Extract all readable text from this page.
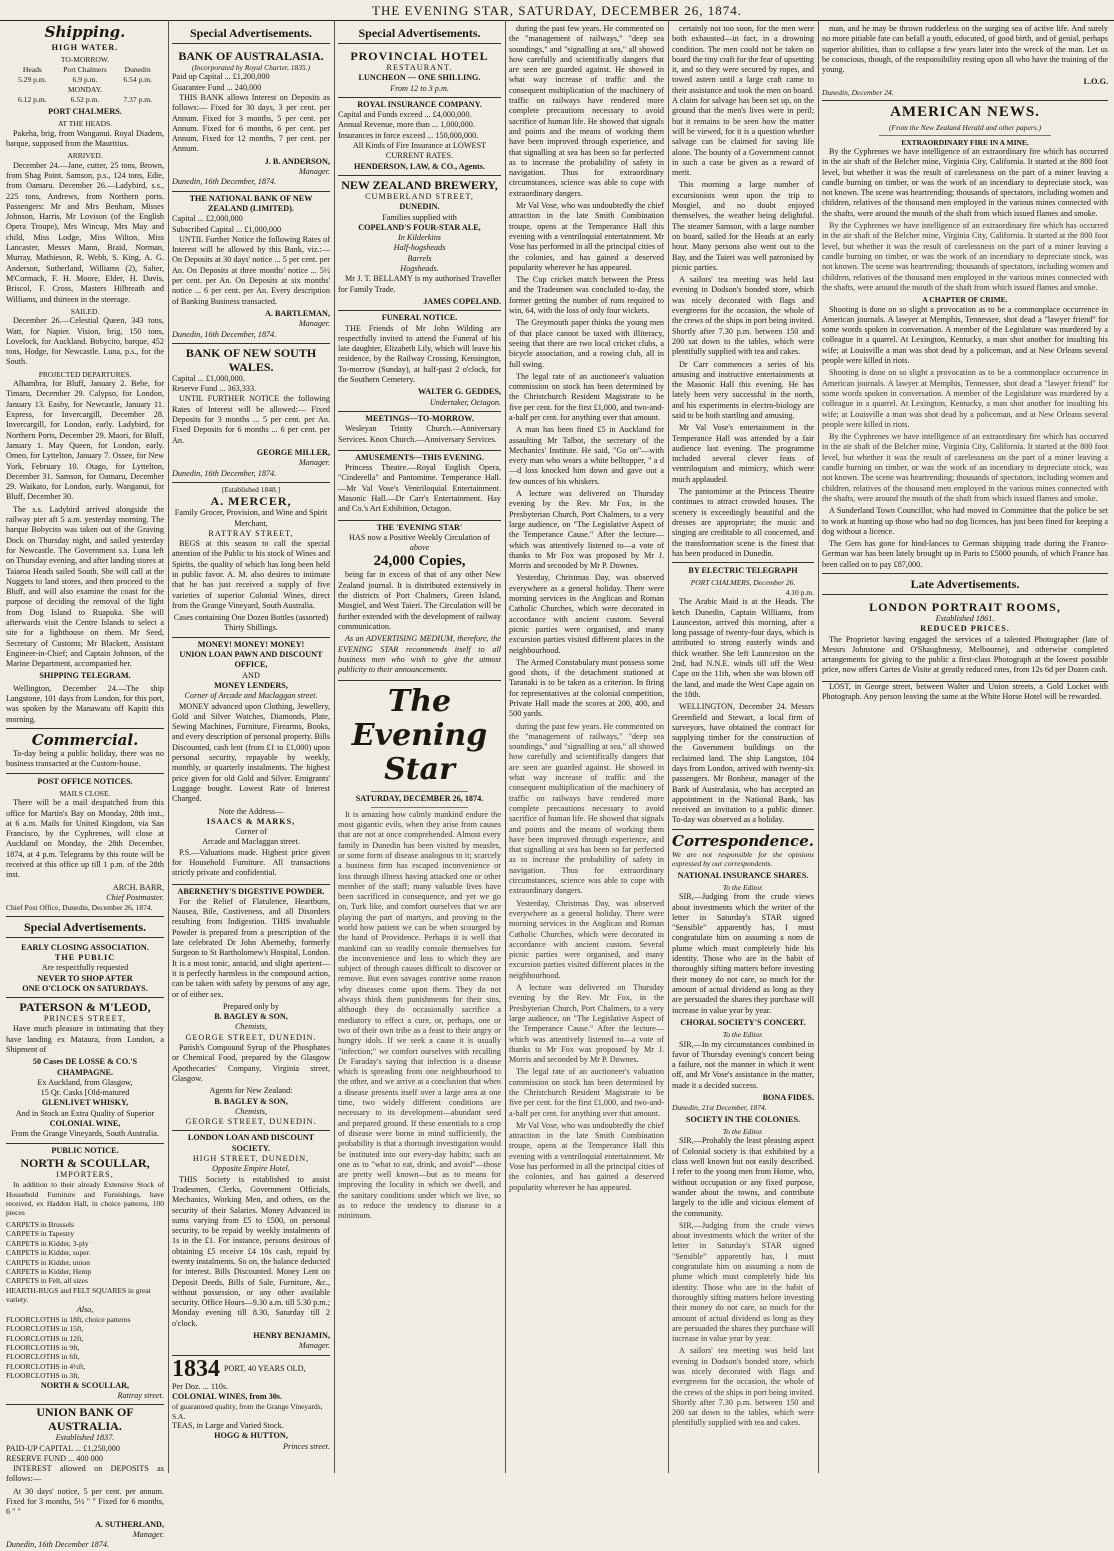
THE EVENING STAR, SATURDAY, DECEMBER 26, 1874.
Shipping.
HIGH WATER.
TO-MORROW.
Heads	Port Chalmers	Dunedin
5.29 p.m.	6.9 p.m.	6.54 p.m.
MONDAY.
6.12 p.m.	6.52 p.m.	7.37 p.m.
PORT CHALMERS.
AT THE HEADS.

Pakeha, brig, from Wanganui. Royal Diadem, barque, supposed from the Mauritius.

ARRIVED.

December 24.—Jane, cutter, 25 tons, Brown, from Shag Point. Samson, p.s., 124 tons, Edie, from Oamaru. December 26.—Ladybird, s.s., 225 tons, Andrews, from Northern ports. Passengers: Mr and Mrs Benham, Misses Johnson, Harris, Mr Lovison (of the English Opera Troupe), Mrs Wincup, Mrs May and child, Miss Lodge, Miss Wilton, Miss Lancaster, Messrs Mann, Braid, Norman, Murray, Mathieson, R. Webb, S. King, A. G. Anderson, Sutherland, Williams (2), Salter, M'Cormack, F. H. Moore, Elder, H. Davis, Briscol, F. Cross, Masters Hilbreath and Williams, and thirteen in the steerage.

SAILED.

December 26.—Celestial Queen, 343 tons, Watt, for Napier. Vision, brig, 150 tons, Lovelock, for Auckland. Bobycito, barque, 452 tons, Hodge, for Newcastle. Luna, p.s., for the South.

PROJECTED DEPARTURES.

Alhambra, for Bluff, January 2. Bebe, for Timaru, December 29. Calypso, for London, January 13. Easby, for Newcastle, January 11. Express, for Invercargill, December 28. Invercargill, for London, early. Ladybird, for Northern Ports, December 29. Maori, for Bluff, January 1. May Queen, for London, early. Omeo, for Lyttelton, January 7. Ossee, for New York, February 10. Otago, for Lyttelton, December 31. Samson, for Oamaru, December 29. Waikato, for London, early. Wanganui, for Bluff, December 30.

The s.s. Ladybird arrived alongside the railway pier aft 5 a.m. yesterday morning. The barque Bobycito was taken out of the Graving Dock on Thursday night, and sailed yesterday for Newcastle. The Government s.s. Luna left on Thursday evening, and after landing stores at Taiaroa Heads sailed South. She will call at the Nuggets to land stores, and then proceed to the Bluff, and will also examine the coast for the purpose of deciding the removal of the light from Dog Island to Ruapuka. She will afterwards visit the Centre Islands to select a site for a lighthouse on them. Mr Seed, Secretary of Customs; Mr Blackett, Assistant Engineer-in-Chief; and Captain Johnson, of the Marine Department, accompanied her.

SHIPPING TELEGRAM.

Wellington, December 24.—The ship Langstone, 101 days from London, for this port, was spoken by the Manawatu off Kapiti this morning.

Commercial.

To-day being a public holiday, there was no business transacted at the Custom-house.

POST OFFICE NOTICES.
MAILS CLOSE.

There will be a mail despatched from this office for Martin's Bay on Monday, 28th inst., at 6 a.m. Mails for United Kingdom, via San Francisco, by the Cyphrenes, will close at Auckland on Monday, the 28th December, 1874, at 4 p.m. Telegrams by this route will be received at this office up till 1 p.m. of the 28th inst.

ARCH. BARR,
Chief Postmaster.

Chief Post Office, Dunedin, December 26, 1874.

Special Advertisements.
EARLY CLOSING ASSOCIATION.
THE PUBLIC
Are respectfully requested
NEVER TO SHOP AFTER
ONE O'CLOCK ON SATURDAYS.
PATERSON & M'LEOD,
PRINCES STREET,

Have much pleasure in intimating that they have landing ex Mataura, from London, a Shipment of

50 Cases DE LOSSE & CO.'S CHAMPAGNE.
Ex Auckland, from Glasgow,
15 Qr. Casks [Old-matured
GLENLIVET WHISKY,
And in Stock an Extra Quality of Superior
COLONIAL WINE,
From the Grange Vineyards, South Australia.
PUBLIC NOTICE.
NORTH & SCOULLAR,
IMPORTERS,

In addition to their already Extensive Stock of Household Furniture and Furnishings, have received, ex Haddon Hall, in choice patterns, 100 pieces

CARPETS in Brussels
CARPETS in Tapestry
CARPETS in Kidder, 3-ply
CARPETS in Kidder, super.
CARPETS in Kidder, union
CARPETS in Kidder, Hemp
CARPETS in Felt, all sizes
HEARTH-RUGS and FELT SQUARES in great variety.
Also,
FLOORCLOTHS in 18ft, choice patterns
FLOORCLOTHS in 15ft,
FLOORCLOTHS in 12ft,
FLOORCLOTHS in 9ft,
FLOORCLOTHS in 6ft,
FLOORCLOTHS in 4½ft,
FLOORCLOTHS in 3ft,
NORTH & SCOULLAR,
Rattray street.
UNION BANK OF AUSTRALIA.
Established 1837.
PAID-UP CAPITAL ... £1,250,000
RESERVE FUND ... 400 000

INTEREST allowed on DEPOSITS as follows:—

At 30 days' notice, 5 per cent. per annum. Fixed for 3 months, 5½ " " Fixed for 6 months, 6 " "

A. SUTHERLAND,
Manager.
Dunedin, 16th December 1874.
Special Advertisements.
BANK OF AUSTRALASIA.
(Incorporated by Royal Charter, 1835.)
Paid up Capital ... £1,200,000
Guarantee Fund ... 240,000

THIS BANK allows Interest on Deposits as follows:— Fixed for 30 days, 3 per cent. per Annum. Fixed for 3 months, 5 per cent. per Annum. Fixed for 6 months, 6 per cent. per Annum. Fixed for 12 months, 7 per cent. per Annum.

J. B. ANDERSON,
Manager.
Dunedin, 16th December, 1874.
THE NATIONAL BANK OF NEW ZEALAND (LIMITED).
Capital ... £2,000,000
Subscribed Capital ... £1,000,000

UNTIL Further Notice the following Rates of Interest will be allowed by this Bank, viz.:— On Deposits at 30 days' notice ... 5 per cent. per An. On Deposits at three months' notice ... 5½ per cent. per An. On Deposits at six months' notice ... 6 per cent. per An. Every description of Banking Business transacted.

A. BARTLEMAN,
Manager.
Dunedin, 16th December, 1874.
BANK OF NEW SOUTH WALES.
Capital ... £1,000,000.
Reserve Fund ... 363,333.

UNTIL FURTHER NOTICE the following Rates of Interest will be allowed:— Fixed Deposits for 3 months ... 5 per cent. per An. Fixed Deposits for 6 months ... 6 per cent. per An.

GEORGE MILLER,
Manager.
Dunedin, 16th December, 1874.
[Established 1848.]
A. MERCER,
Family Grocer, Provision, and Wine and Spirit Merchant,
RATTRAY STREET,

BEGS at this season to call the special attention of the Public to his stock of Wines and Spirits, the quality of which has long been held in public favor. A. M. also desires to intimate that he has just received a supply of five varieties of superior Colonial Wines, direct from the Grange Vineyard, South Australia.

Cases containing One Dozen Bottles (assorted) Thirty Shillings.
MONEY! MONEY! MONEY!
UNION LOAN PAWN AND DISCOUNT OFFICE,
AND
MONEY LENDERS,
Corner of Arcade and Maclaggan street.

MONEY advanced upon Clothing, Jewellery, Gold and Silver Watches, Diamonds, Plate, Sewing Machines, Furniture, Firearms, Books, and every description of personal property. Bills Discounted, cash lent (from £1 to £1,000) upon personal security, repayable by weekly, monthly, or quarterly instalments. The highest price given for old Gold and Silver. Emigrants' Luggage bought. Lowest Rate of Interest Charged.

Note the Address—
ISAACS & MARKS,
Corner of
Arcade and Maclaggan street.

P.S.—Valuations made. Highest price given for Household Furniture. All transactions strictly private and confidential.

ABERNETHY'S DIGESTIVE POWDER.

For the Relief of Flatulence, Heartburn, Nausea, Bile, Costiveness, and all Disorders resulting from Indigestion. THIS invaluable Powder is prepared from a prescription of the late celebrated Dr John Abernethy, formerly Surgeon to St Bartholomew's Hospital, London. It is a most tonic, antacid, and slight aperient—it is perfectly harmless in the compound action, can be taken with safety by persons of any age, or of either sex.

Prepared only by
B. BAGLEY & SON,
Chemists,
GEORGE STREET, DUNEDIN.

Parish's Compound Syrup of the Phosphates or Chemical Food, prepared by the Glasgow Apothecaries' Company, Virginia street, Glasgow.

Agents for New Zealand:
B. BAGLEY & SON,
Chemists,
GEORGE STREET, DUNEDIN.
LONDON LOAN AND DISCOUNT SOCIETY.
HIGH STREET, DUNEDIN,
Opposite Empire Hotel.

THIS Society is established to assist Tradesmen, Clerks, Government Officials, Mechanics, Working Men, and others, on the security of their Salaries. Money Advanced in sums varying from £5 to £500, on personal security, to be repaid by weekly instalments of 1s in the £1. For instance, persons desirous of obtaining £5 receive £4 10s cash, repaid by twenty instalments. So on, the balance deducted for interest. Bills Discounted. Money Lent on Deposit Deeds, Bills of Sale, Furniture, &c., without possession, or any other available security. Office Hours—9.30 a.m. till 5.30 p.m.; Monday evening till 8.30, Saturday till 2 o'clock.

HENRY BENJAMIN,
Manager.
1834 PORT, 40 YEARS OLD,
Per Doz. ... 110s.
COLONIAL WINES, from 30s.
of guaranteed quality, from the Grange Vineyards, S.A.
TEAS, in Large and Varied Stock.
HOGG & HUTTON,
Princes street.
Special Advertisements.
PROVINCIAL HOTEL
RESTAURANT.
LUNCHEON — ONE SHILLING.
From 12 to 3 p.m.
ROYAL INSURANCE COMPANY.
Capital and Funds exceed ... £4,000,000.
Annual Revenue, more than ... 1,000,000.
Insurances in force exceed ... 150,000,000.
All Kinds of Fire Insurance at LOWEST CURRENT RATES.
HENDERSON, LAW, & CO., Agents.
NEW ZEALAND BREWERY,
CUMBERLAND STREET,
DUNEDIN.
Families supplied with
COPELAND'S FOUR-STAR ALE,
In Kilderkins
Half-hogsheads
Barrels
Hogsheads.

Mr J. T. BELLAMY is my authorised Traveller for Family Trade.

JAMES COPELAND.
FUNERAL NOTICE.

THE Friends of Mr John Wilding are respectfully invited to attend the Funeral of his late daughter, Elizabeth Lily, which will leave his residence, by the Railway Crossing, Kensington, To-morrow (Sunday), at half-past 2 o'clock, for the Southern Cemetery.

WALTER G. GEDDES,
Undertaker, Octagon.
MEETINGS—TO-MORROW.

Wesleyan Trinity Church.—Anniversary Services. Knox Church.—Anniversary Services.

AMUSEMENTS—THIS EVENING.

Princess Theatre.—Royal English Opera, "Cinderella" and Pantomime. Temperance Hall.—Mr Val Vose's Ventriloquial Entertainment. Masonic Hall.—Dr Carr's Entertainment. Hay and Co.'s Art Exhibition, Octagon.

THE 'EVENING STAR'
HAS now a Positive Weekly Circulation of
above
24,000 Copies,

being far in excess of that of any other New Zealand journal. It is distributed extensively in the districts of Port Chalmers, Green Island, Mosgiel, and West Taieri. The Circulation will be further extended with the development of railway communication.

As an ADVERTISING MEDIUM, therefore, the EVENING STAR recommends itself to all business men who wish to give the utmost publicity to their announcements.

The Evening Star
SATURDAY, DECEMBER 26, 1874.

It is amazing how calmly mankind endure the most gigantic evils, when they arise from causes that are not at once comprehended. Almost every family in Dunedin has been visited by measles, or some form of disease analogous to it; scarcely a business firm has escaped inconvenience or loss through illness having attacked one or other member of the staff; many valuable lives have been sacrificed in consequence, and yet we go on, Turk like, and comfort ourselves that we are playing the part of martyrs, and proving to the world how patient we can be when scourged by the hand of Providence. Perhaps it is well that mankind can so readily console themselves for the inconvenience and loss to which they are subject of through causes difficult to discover or remove. But even savages contrive some reason why diseases come upon them. They do not always think them punishments for their sins, although they do occasionally sacrifice a mediatory to effect a cure, or, perhaps, one or two of their own tribe as a feast to their angry or hungry idols. If we seek a cause it is usually "infection;" we comfort ourselves with recalling Dr Faraday's saying that infection is a disease which is spreading from one neighbourhood to the other, and we arrive at a conclusion that when a disease presents itself over a large area at one time, two widely different conditions are necessary to its development—abundant seed and prepared ground. If these essentials to a crop of disease were borne in mind sufficiently, the probability is that a thorough investigation would be instituted into our every-day habits; such an one as to "what to eat, drink, and avoid"—those are pretty well known—but as to means for improving the locality in which we dwell, and the sanitary conditions under which we live, so as to reduce the tendency to disease to a minimum.

during the past few years. He commented on the "management of railways," "deep sea soundings," and "signalling at sea," all showed how carefully and scientifically dangers that are seen are guarded against. He showed in what way increase of traffic and the consequent multiplication of the machinery of traffic on railways have rendered more complete precautions necessary to avoid sacrifice of human life. He showed that signals and points and the means of working them have been improved through experience, and that signalling at sea has been so far perfected as to increase the probability of safety in navigation. Thus for extraordinary circumstances, science was able to cope with extraordinary dangers.

Mr Val Vose, who was undoubtedly the chief attraction in the late Smith Combination troupe, opens at the Temperance Hall this evening with a ventriloquial entertainment. Mr Vose has performed in all the principal cities of the colonies, and has gained a deserved popularity wherever he has appeared.

The Cup cricket match between the Press and the Tradesmen was concluded to-day, the former getting the number of runs required to win, 64, with the loss of only four wickets.

The Greymouth paper thinks the young men of that place cannot be taxed with illiteracy, seeing that there are two local cricket clubs, a bicycle association, and a rowing club, all in full swing.

The legal rate of an auctioneer's valuation commission on stock has been determined by the Christchurch Resident Magistrate to be five per cent. for the first £1,000, and two-and-a-half per cent. for anything over that amount.

A man has been fined £5 in Auckland for assaulting Mr Talbot, the secretary of the Mechanics' Institute. He said, "Go on"—with every man who wears a white belltopper, " a d—d loss knocked him down and gave out a few ounces of his whiskers.

A lecture was delivered on Thursday evening by the Rev. Mr Fox, in the Presbyterian Church, Port Chalmers, to a very large audience, on "The Legislative Aspect of the Temperance Cause." After the lecture—which was attentively listened to—a vote of thanks to Mr Fox was proposed by Mr J. Morris and seconded by Mr P. Downes.

Yesterday, Christmas Day, was observed everywhere as a general holiday. There were morning services in the Anglican and Roman Catholic Churches, which were decorated in accordance with ancient custom. Several picnic parties were organised, and many excursion parties visited different places in the neighbourhood.

The Armed Constabulary must possess some good shots, if the detachment stationed at Taranaki is to be taken as a criterion. In firing for representatives at the colonial competition, Private Hall made the scores at 200, 400, and 500 yards.

during the past few years. He commented on the "management of railways," "deep sea soundings," and "signalling at sea," all showed how carefully and scientifically dangers that are seen are guarded against. He showed in what way increase of traffic and the consequent multiplication of the machinery of traffic on railways have rendered more complete precautions necessary to avoid sacrifice of human life. He showed that signals and points and the means of working them have been improved through experience, and that signalling at sea has been so far perfected as to increase the probability of safety in navigation. Thus for extraordinary circumstances, science was able to cope with extraordinary dangers.

Yesterday, Christmas Day, was observed everywhere as a general holiday. There were morning services in the Anglican and Roman Catholic Churches, which were decorated in accordance with ancient custom. Several picnic parties were organised, and many excursion parties visited different places in the neighbourhood.

A lecture was delivered on Thursday evening by the Rev. Mr Fox, in the Presbyterian Church, Port Chalmers, to a very large audience, on "The Legislative Aspect of the Temperance Cause." After the lecture—which was attentively listened to—a vote of thanks to Mr Fox was proposed by Mr J. Morris and seconded by Mr P. Downes.

The legal rate of an auctioneer's valuation commission on stock has been determined by the Christchurch Resident Magistrate to be five per cent. for the first £1,000, and two-and-a-half per cent. for anything over that amount.

Mr Val Vose, who was undoubtedly the chief attraction in the late Smith Combination troupe, opens at the Temperance Hall this evening with a ventriloquial entertainment. Mr Vose has performed in all the principal cities of the colonies, and has gained a deserved popularity wherever he has appeared.

certainly not too soon, for the men were both exhausted—in fact, in a drowning condition. The men could not be taken on board the tiny craft for the fear of upsetting it, and so they were secured by ropes, and towed astern until a large craft came to their assistance and took the men on board. A claim for salvage has been set up, on the ground that the men's lives were in peril; but it remains to be seen how the matter will be viewed, for it is a question whether salvage can be claimed for saving life alone. The bounty of a Government cannot in such a case be given as a reward of merit.

This morning a large number of excursionists went upon the trip to Mosgiel, and no doubt enjoyed themselves, the weather being delightful. The steamer Samson, with a large number on board, sailed for the Heads at an early hour. Many persons also went out to the Bay, and the Taieri was well patronised by picnic parties.

A sailors' tea meeting was held last evening in Dodson's bonded store, which was nicely decorated with flags and evergreens for the occasion, the whole of the crews of the ships in port being invited. Shortly after 7.30 p.m. between 150 and 200 sat down to the tables, which were plentifully supplied with tea and cakes.

Dr Carr commences a series of his amusing and instructive entertainments at the Masonic Hall this evening. He has lately been very successful in the north, and his experiments in electro-biology are said to be both startling and amusing.

Mr Val Vose's entertainment in the Temperance Hall was attended by a fair audience last evening. The programme included several clever feats of ventriloquism and mimicry, which were much applauded.

The pantomime at the Princess Theatre continues to attract crowded houses. The scenery is exceedingly beautiful and the dresses are appropriate; the music and singing are creditable to all concerned, and the transformation scene is the finest that has been produced in Dunedin.

BY ELECTRIC TELEGRAPH
PORT CHALMERS, December 26.
4.10 p.m.

The Arabic Maid is at the Heads. The ketch Dunedin, Captain Williams, from Launceston, arrived this morning, after a long passage of twenty-four days, which is attributed to strong easterly winds and thick weather. She left Launceston on the 2nd, had N.N.E. winds till off the West Cape on the 11th, when she was blown off the land, and made the West Cape again on the 18th.

WELLINGTON, December 24. Messrs Greenfield and Stewart, a local firm of surveyors, have obtained the contract for supplying timber for the construction of the Government buildings on the reclaimed land. The ship Langston, 104 days from London, arrived with twenty-six passengers. Mr Bonheur, manager of the Bank of Australasia, who has accepted an appointment in the National Bank, has received an invitation to a public dinner. To-day was observed as a holiday.

Correspondence.

We are not responsible for the opinions expressed by our correspondents.

NATIONAL INSURANCE SHARES.
To the Editor.

SIR,—Judging from the crude views about investments which the writer of the letter in Saturday's STAR signed "Sensible" apparently has, I must congratulate him on assuming a nom de plume which must completely hide his identity. Those who are in the habit of thoroughly sifting matters before investing their money do not care, so much for the amount of actual dividend as long as they are persuaded the shares they purchase will increase in value year by year.

CHORAL SOCIETY'S CONCERT.
To the Editor.

SIR,—In my circumstances combined in favor of Thursday evening's concert being a failure, not the manner in which it went off, and Mr Vose's assistance in the matter, made it a decided success.

BONA FIDES.
Dunedin, 21st December, 1874.
SOCIETY IN THE COLONIES.
To the Editor.

SIR,—Probably the least pleasing aspect of Colonial society is that exhibited by a class well known but not easily described. I refer to the young men from Home, who, without occupation or any fixed purpose, wander about the towns, and contribute largely to the idle and vicious element of the community.

SIR,—Judging from the crude views about investments which the writer of the letter in Saturday's STAR signed "Sensible" apparently has, I must congratulate him on assuming a nom de plume which must completely hide his identity. Those who are in the habit of thoroughly sifting matters before investing their money do not care, so much for the amount of actual dividend as long as they are persuaded the shares they purchase will increase in value year by year.

A sailors' tea meeting was held last evening in Dodson's bonded store, which was nicely decorated with flags and evergreens for the occasion, the whole of the crews of the ships in port being invited. Shortly after 7.30 p.m. between 150 and 200 sat down to the tables, which were plentifully supplied with tea and cakes.

man, and he may be thrown rudderless on the surging sea of active life. And surely no more pitiable fate can befall a youth, educated, of good birth, and of genial, perhaps superior abilities, than to collapse a few years later into the wreck of the man. Let us be conscious, though, of the responsibility resting upon all who have the training of the young.

L.O.G.
Dunedin, December 24.
AMERICAN NEWS.
(From the New Zealand Herald and other papers.)
EXTRAORDINARY FIRE IN A MINE.

By the Cyphrenes we have intelligence of an extraordinary fire which has occurred in the air shaft of the Belcher mine, Virginia City, California. It started at the 800 foot level, but whether it was the result of carelessness on the part of a miner leaving a candle burning on timber, or was the work of an incendiary to depreciate stock, was not known. The scene was heartrending; thousands of spectators, including women and children, relatives of the thousand men employed in the various mines connected with the shafts, were around the mouth of the shaft from which issued flames and smoke.

By the Cyphrenes we have intelligence of an extraordinary fire which has occurred in the air shaft of the Belcher mine, Virginia City, California. It started at the 800 foot level, but whether it was the result of carelessness on the part of a miner leaving a candle burning on timber, or was the work of an incendiary to depreciate stock, was not known. The scene was heartrending; thousands of spectators, including women and children, relatives of the thousand men employed in the various mines connected with the shafts, were around the mouth of the shaft from which issued flames and smoke.

A CHAPTER OF CRIME.

Shooting is done on so slight a provocation as to be a commonplace occurrence in American journals. A lawyer at Memphis, Tennessee, shot dead a "lawyer friend" for some words spoken in conversation. A member of the Legislature was murdered by a colleague in a quarrel. At Lexington, Kentucky, a man shot another for insulting his wife; at Louisville a man was shot dead by a policeman, and at New Orleans several people were killed in riots.

Shooting is done on so slight a provocation as to be a commonplace occurrence in American journals. A lawyer at Memphis, Tennessee, shot dead a "lawyer friend" for some words spoken in conversation. A member of the Legislature was murdered by a colleague in a quarrel. At Lexington, Kentucky, a man shot another for insulting his wife; at Louisville a man was shot dead by a policeman, and at New Orleans several people were killed in riots.

By the Cyphrenes we have intelligence of an extraordinary fire which has occurred in the air shaft of the Belcher mine, Virginia City, California. It started at the 800 foot level, but whether it was the result of carelessness on the part of a miner leaving a candle burning on timber, or was the work of an incendiary to depreciate stock, was not known. The scene was heartrending; thousands of spectators, including women and children, relatives of the thousand men employed in the various mines connected with the shafts, were around the mouth of the shaft from which issued flames and smoke.

A Sunderland Town Councillor, who had moved in Committee that the police be set to work at hunting up those who had no dog licences, has just been fined for keeping a dog without a licence.

The Gem has gone for hind-lances to German shipping trade during the Franco-German war has been lately brought up in Paris to £5000 pounds, of which France has been called on to pay £87,000.

Late Advertisements.
LONDON PORTRAIT ROOMS,
Established 1861.
REDUCED PRICES.

The Proprietor having engaged the services of a talented Photographer (late of Messrs Johnstone and O'Shaughnessy, Melbourne), and otherwise completed arrangements for giving to the public a first-class Photograph at the lowest possible price, now offers Cartes de Visite at greatly reduced rates, from 12s 6d per Dozen cash.

LOST, in George street, between Walter and Union streets, a Gold Locket with Photograph. Any person leaving the same at the White Horse Hotel will be rewarded.
